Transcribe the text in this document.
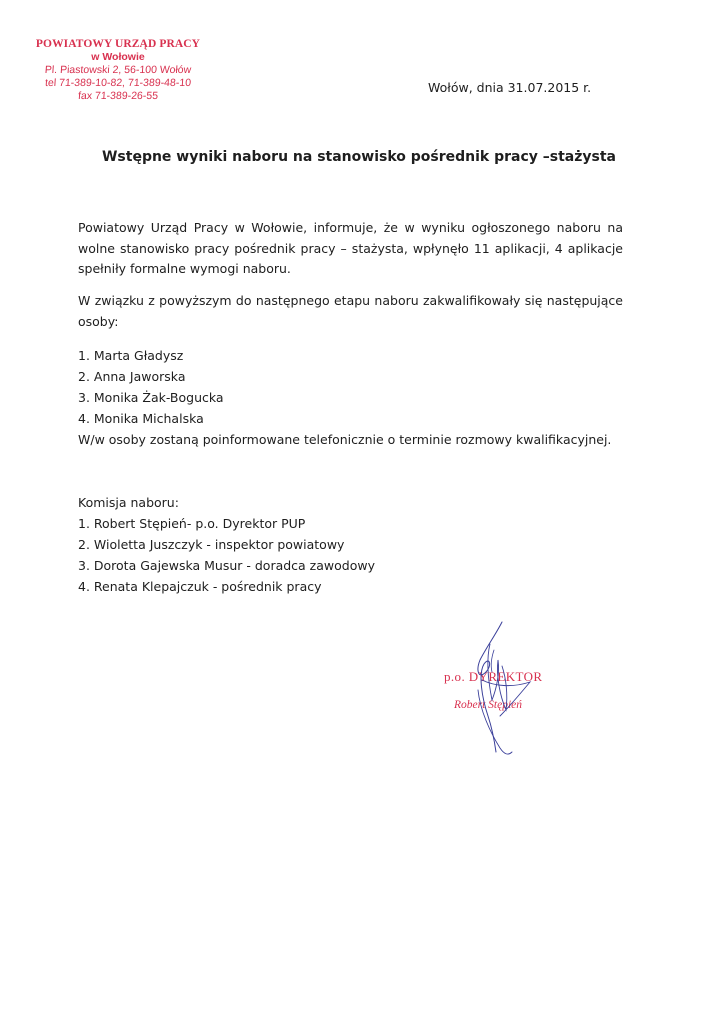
POWIATOWY URZĄD PRACY
w Wołowie
Pl. Piastowski 2, 56-100 Wołów
tel 71-389-10-82, 71-389-48-10
fax 71-389-26-55
Wołów, dnia 31.07.2015 r.
Wstępne wyniki naboru na stanowisko pośrednik pracy –stażysta
Powiatowy Urząd Pracy w Wołowie, informuje, że w wyniku ogłoszonego naboru na wolne stanowisko pracy pośrednik pracy – stażysta, wpłynęło 11 aplikacji, 4 aplikacje spełniły formalne wymogi naboru.
W związku z powyższym do następnego etapu naboru zakwalifikowały się następujące osoby:
1. Marta Gładysz
2. Anna Jaworska
3. Monika Żak-Bogucka
4. Monika Michalska
W/w osoby zostaną poinformowane telefonicznie o terminie rozmowy kwalifikacyjnej.
Komisja naboru:
1. Robert Stępień- p.o. Dyrektor PUP
2. Wioletta Juszczyk - inspektor powiatowy
3. Dorota Gajewska Musur - doradca zawodowy
4. Renata Klepajczuk - pośrednik pracy
p.o. DYREKTOR
Robert Stępień
